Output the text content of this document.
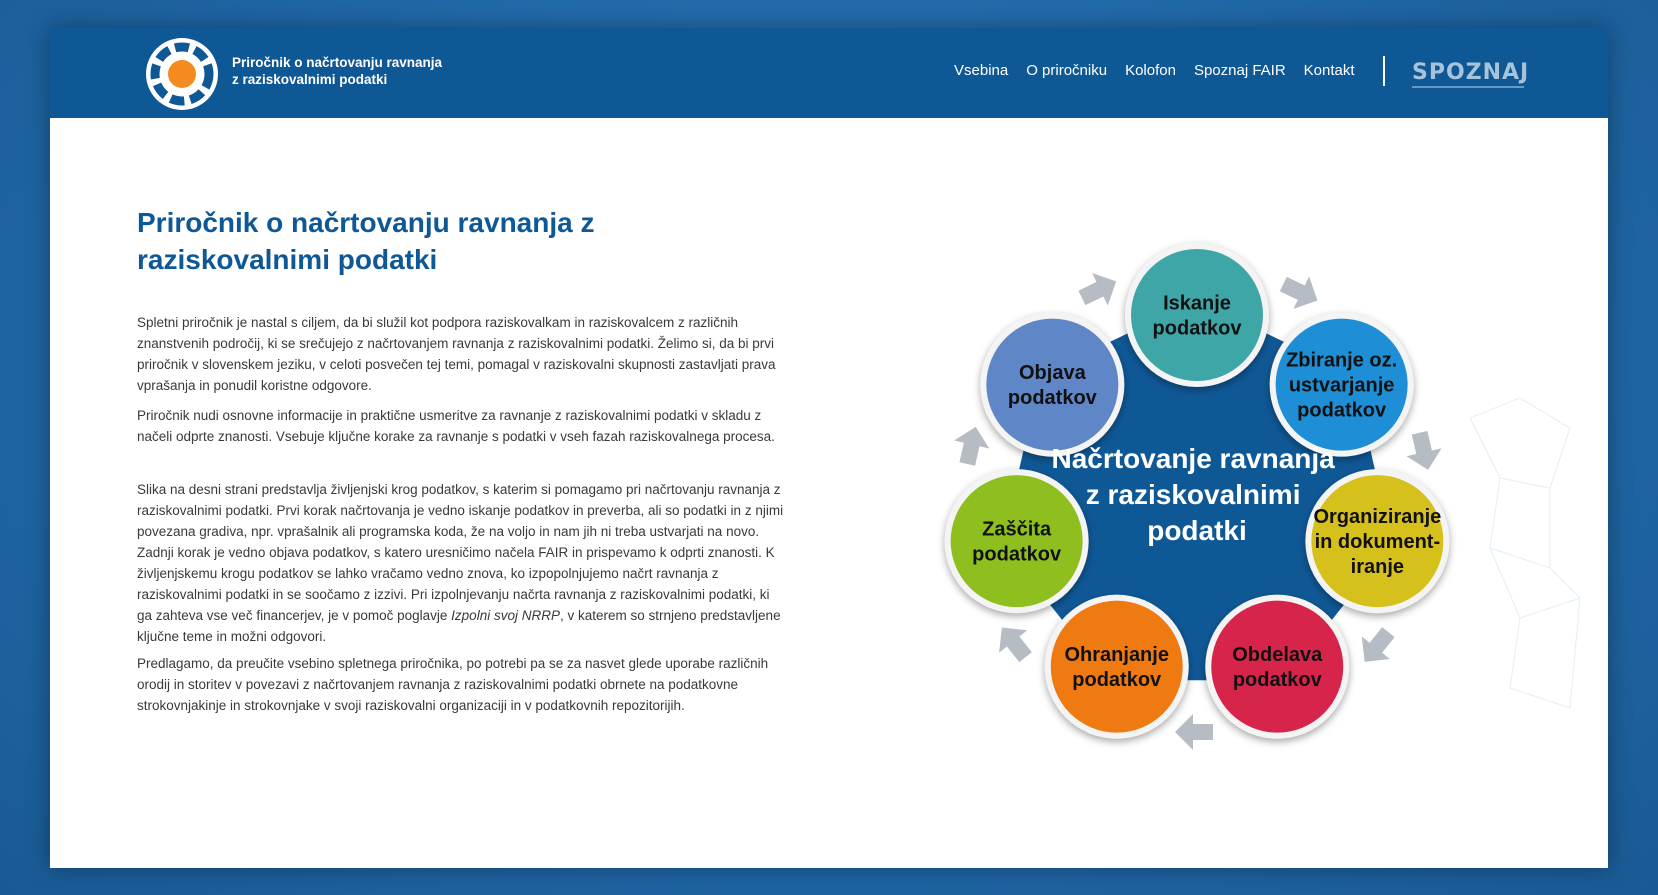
Priročnik o načrtovanju ravnanja
z raziskovalnimi podatki
Vsebina O priročniku Kolofon Spoznaj FAIR Kontakt	SPOZNAJ
Priročnik o načrtovanju ravnanja z
raziskovalnimi podatki

Spletni priročnik je nastal s ciljem, da bi služil kot podpora raziskovalkam in raziskovalcem z različnih znanstvenih področij, ki se srečujejo z načrtovanjem ravnanja z raziskovalnimi podatki. Želimo si, da bi prvi priročnik v slovenskem jeziku, v celoti posvečen tej temi, pomagal v raziskovalni skupnosti zastavljati prava vprašanja in ponudil koristne odgovore.

Priročnik nudi osnovne informacije in praktične usmeritve za ravnanje z raziskovalnimi podatki v skladu z načeli odprte znanosti. Vsebuje ključne korake za ravnanje s podatki v vseh fazah raziskovalnega procesa.

Slika na desni strani predstavlja življenjski krog podatkov, s katerim si pomagamo pri načrtovanju ravnanja z raziskovalnimi podatki. Prvi korak načrtovanja je vedno iskanje podatkov in preverba, ali so podatki in z njimi povezana gradiva, npr. vprašalnik ali programska koda, že na voljo in nam jih ni treba ustvarjati na novo. Zadnji korak je vedno objava podatkov, s katero uresničimo načela FAIR in prispevamo k odprti znanosti. K življenjskemu krogu podatkov se lahko vračamo vedno znova, ko izpopolnjujemo načrt ravnanja z raziskovalnimi podatki in se soočamo z izzivi. Pri izpolnjevanju načrta ravnanja z raziskovalnimi podatki, ki ga zahteva vse več financerjev, je v pomoč poglavje Izpolni svoj NRRP, v katerem so strnjeno predstavljene ključne teme in možni odgovori.

Predlagamo, da preučite vsebino spletnega priročnika, po potrebi pa se za nasvet glede uporabe različnih orodij in storitev v povezavi z načrtovanjem ravnanja z raziskovalnimi podatki obrnete na podatkovne strokovnjakinje in strokovnjake v svoji raziskovalni organizaciji in v podatkovnih repozitorijih.

Iskanje podatkov
Zbiranje oz. ustvarjanje podatkov
Organiziranje in dokument-iranje
Obdelava podatkov
Ohranjanje podatkov
Zaščita podatkov
Objava podatkov
Načrtovanje ravnanja z raziskovalnimi podatki
